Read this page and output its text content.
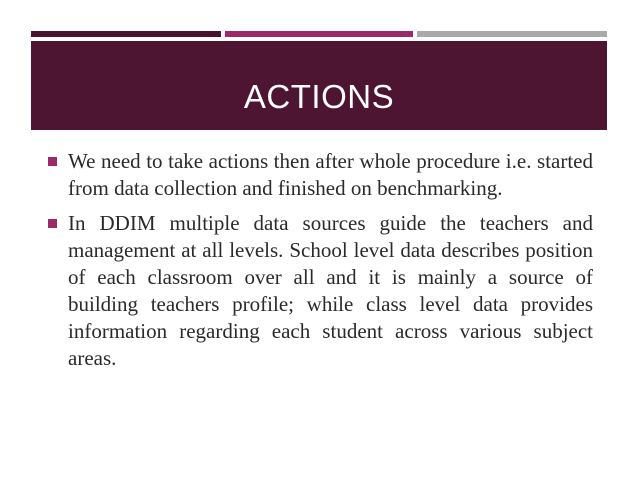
ACTIONS
We need to take actions then after whole procedure i.e. started from data collection and finished on benchmarking.
In DDIM multiple data sources guide the teachers and management at all levels. School level data describes position of each classroom over all and it is mainly a source of building teachers profile; while class level data provides information regarding each student across various subject areas.
